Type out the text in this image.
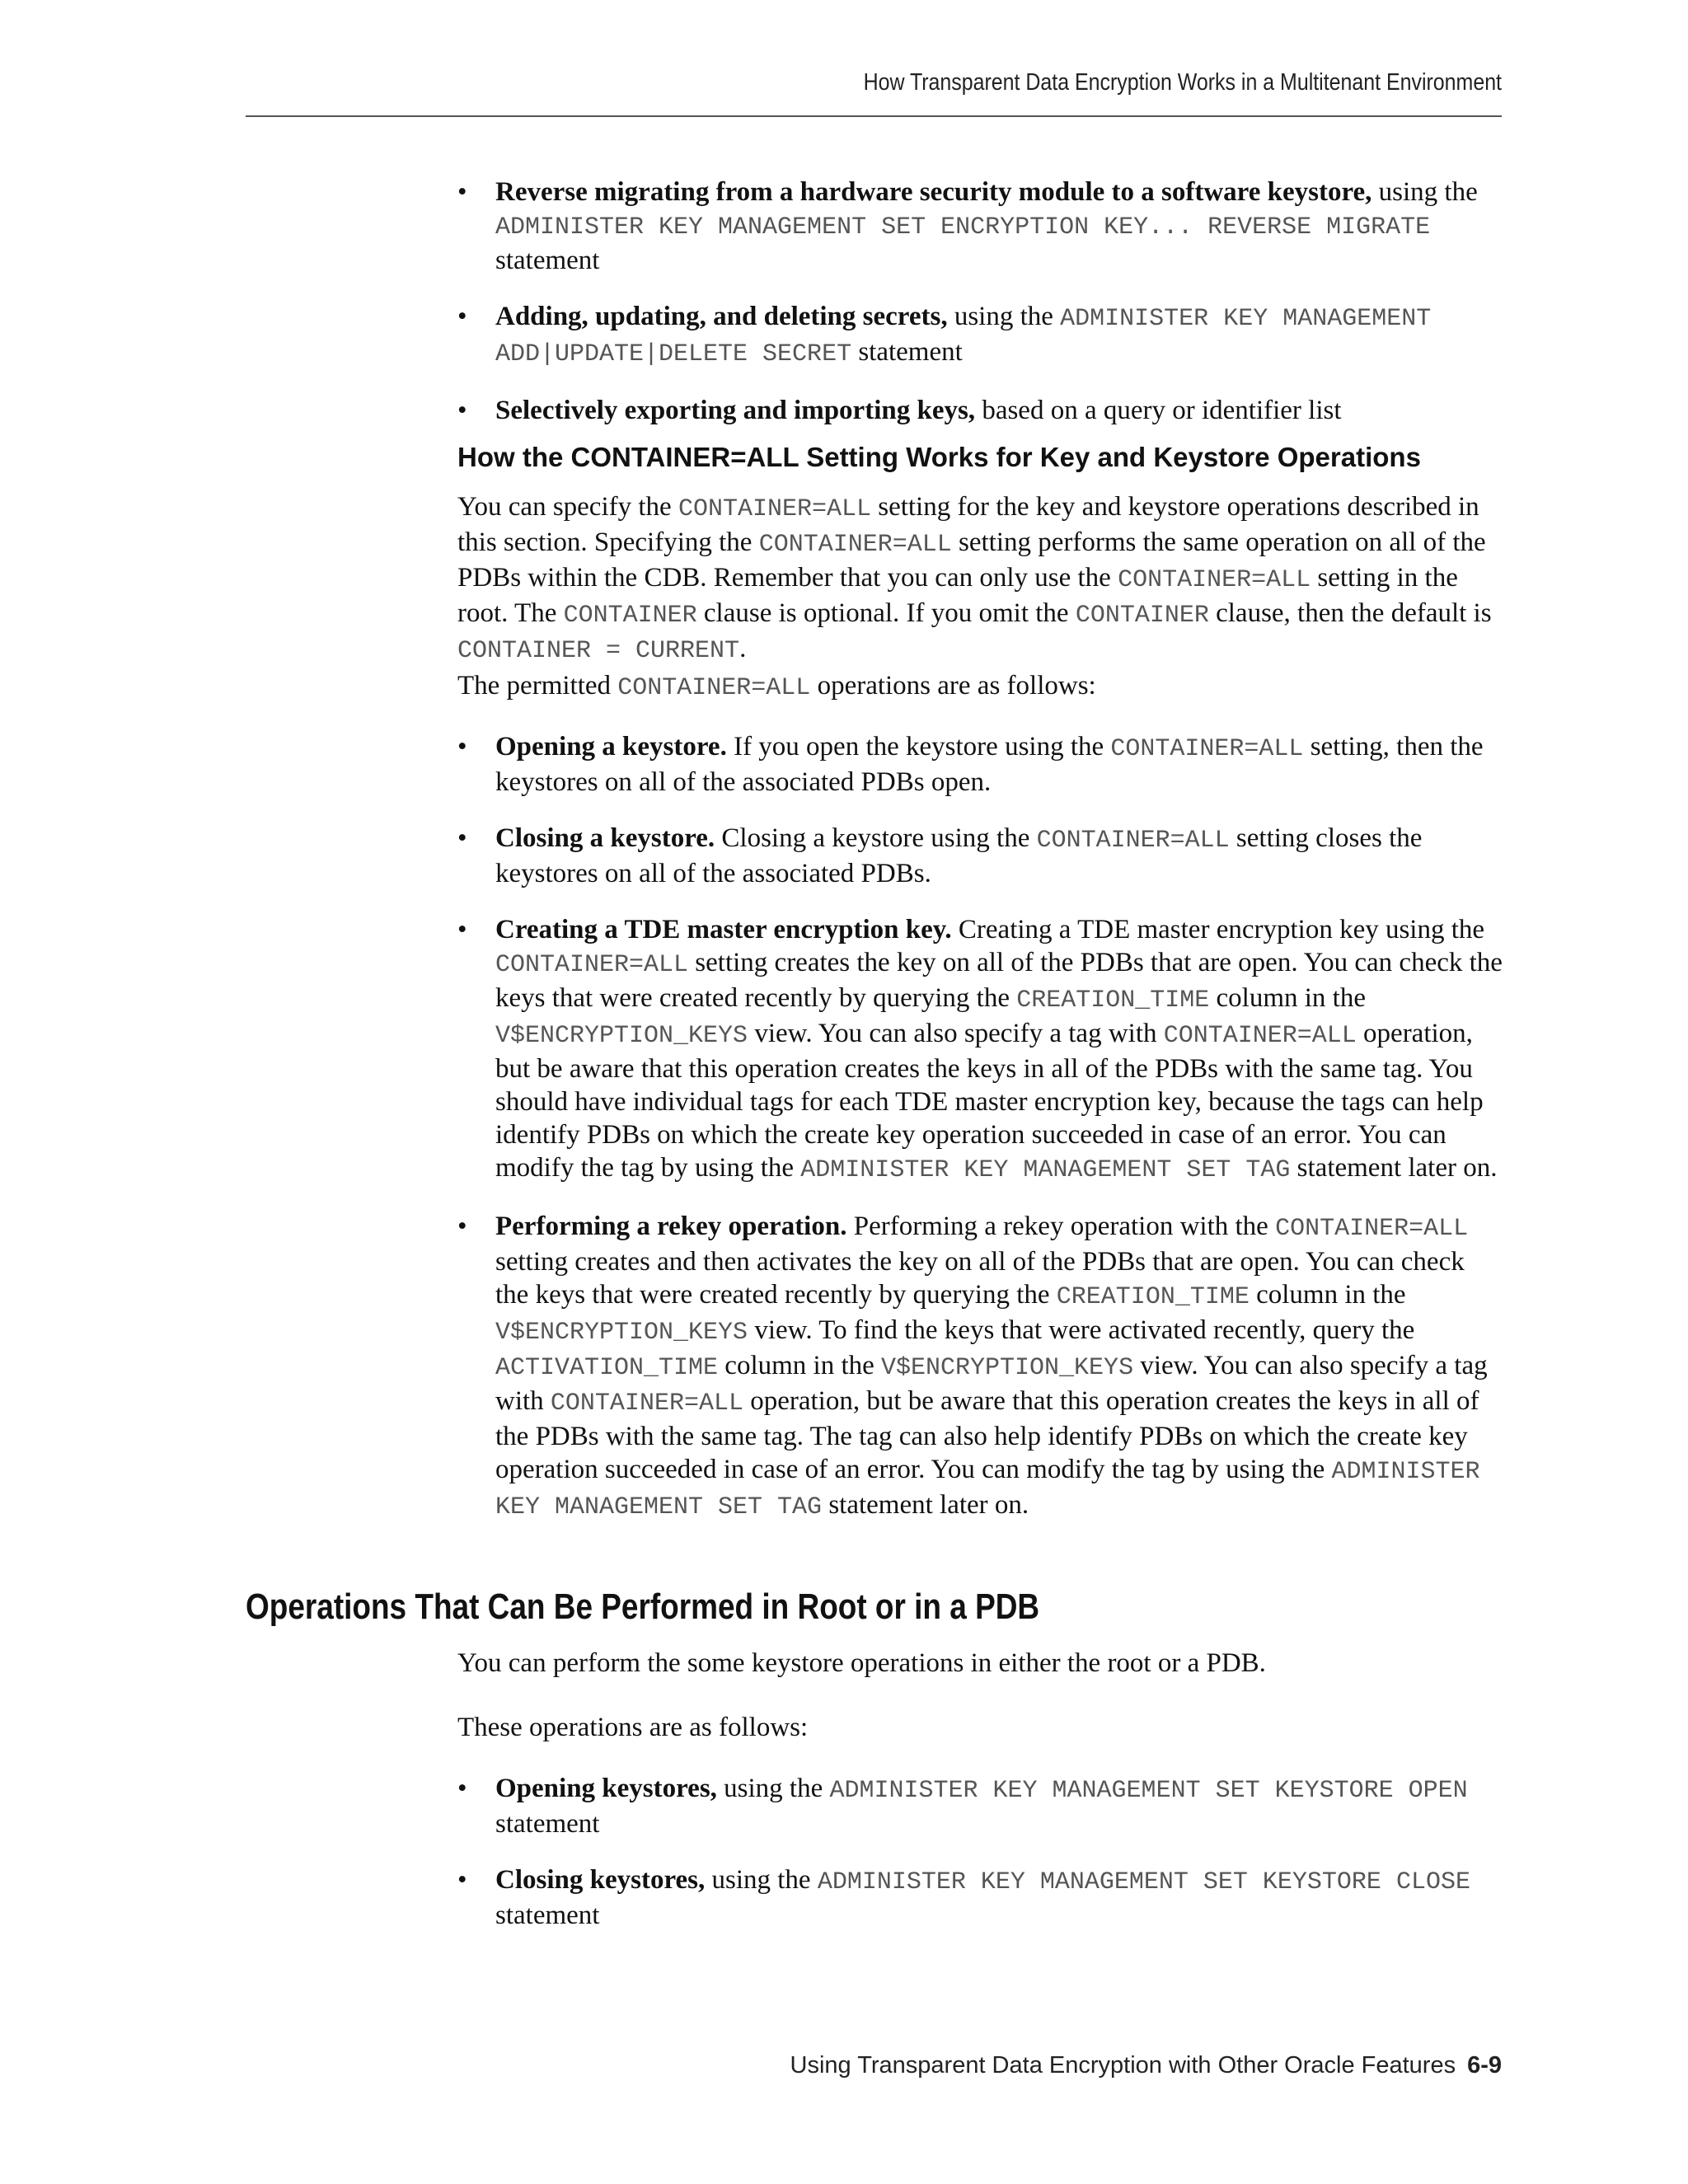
How Transparent Data Encryption Works in a Multitenant Environment
• Reverse migrating from a hardware security module to a software keystore, using the ADMINISTER KEY MANAGEMENT SET ENCRYPTION KEY... REVERSE MIGRATE statement
• Adding, updating, and deleting secrets, using the ADMINISTER KEY MANAGEMENT ADD|UPDATE|DELETE SECRET statement
• Selectively exporting and importing keys, based on a query or identifier list
How the CONTAINER=ALL Setting Works for Key and Keystore Operations
You can specify the CONTAINER=ALL setting for the key and keystore operations described in this section. Specifying the CONTAINER=ALL setting performs the same operation on all of the PDBs within the CDB. Remember that you can only use the CONTAINER=ALL setting in the root. The CONTAINER clause is optional. If you omit the CONTAINER clause, then the default is CONTAINER = CURRENT.
The permitted CONTAINER=ALL operations are as follows:
• Opening a keystore. If you open the keystore using the CONTAINER=ALL setting, then the keystores on all of the associated PDBs open.
• Closing a keystore. Closing a keystore using the CONTAINER=ALL setting closes the keystores on all of the associated PDBs.
• Creating a TDE master encryption key. Creating a TDE master encryption key using the CONTAINER=ALL setting creates the key on all of the PDBs that are open. You can check the keys that were created recently by querying the CREATION_TIME column in the V$ENCRYPTION_KEYS view. You can also specify a tag with CONTAINER=ALL operation, but be aware that this operation creates the keys in all of the PDBs with the same tag. You should have individual tags for each TDE master encryption key, because the tags can help identify PDBs on which the create key operation succeeded in case of an error. You can modify the tag by using the ADMINISTER KEY MANAGEMENT SET TAG statement later on.
• Performing a rekey operation. Performing a rekey operation with the CONTAINER=ALL setting creates and then activates the key on all of the PDBs that are open. You can check the keys that were created recently by querying the CREATION_TIME column in the V$ENCRYPTION_KEYS view. To find the keys that were activated recently, query the ACTIVATION_TIME column in the V$ENCRYPTION_KEYS view. You can also specify a tag with CONTAINER=ALL operation, but be aware that this operation creates the keys in all of the PDBs with the same tag. The tag can also help identify PDBs on which the create key operation succeeded in case of an error. You can modify the tag by using the ADMINISTER KEY MANAGEMENT SET TAG statement later on.
Operations That Can Be Performed in Root or in a PDB
You can perform the some keystore operations in either the root or a PDB.
These operations are as follows:
• Opening keystores, using the ADMINISTER KEY MANAGEMENT SET KEYSTORE OPEN statement
• Closing keystores, using the ADMINISTER KEY MANAGEMENT SET KEYSTORE CLOSE statement
Using Transparent Data Encryption with Other Oracle Features 6-9
